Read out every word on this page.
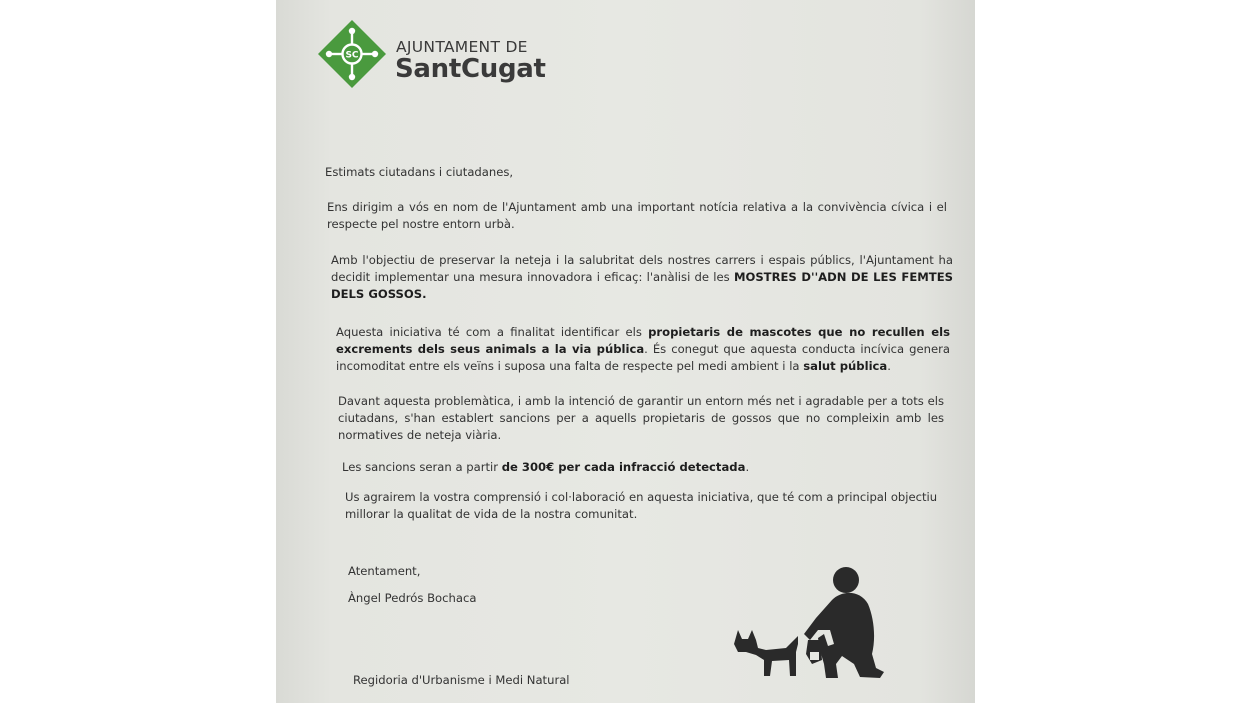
SC AJUNTAMENT DE
SantCugat
Estimats ciutadans i ciutadanes,
Ens dirigim a vós en nom de l'Ajuntament amb una important notícia relativa a la convivència cívica i el respecte pel nostre entorn urbà.
Amb l'objectiu de preservar la neteja i la salubritat dels nostres carrers i espais públics, l'Ajuntament ha decidit implementar una mesura innovadora i eficaç: l'anàlisi de les MOSTRES D''ADN DE LES FEMTES DELS GOSSOS.
Aquesta iniciativa té com a finalitat identificar els propietaris de mascotes que no recullen els excrements dels seus animals a la via pública. És conegut que aquesta conducta incívica genera incomoditat entre els veïns i suposa una falta de respecte pel medi ambient i la salut pública.
Davant aquesta problemàtica, i amb la intenció de garantir un entorn més net i agradable per a tots els ciutadans, s'han establert sancions per a aquells propietaris de gossos que no compleixin amb les normatives de neteja viària.
Les sancions seran a partir de 300€ per cada infracció detectada.
Us agrairem la vostra comprensió i col·laboració en aquesta iniciativa, que té com a principal objectiu millorar la qualitat de vida de la nostra comunitat.
Atentament,
Àngel Pedrós Bochaca
Regidoria d'Urbanisme i Medi Natural
